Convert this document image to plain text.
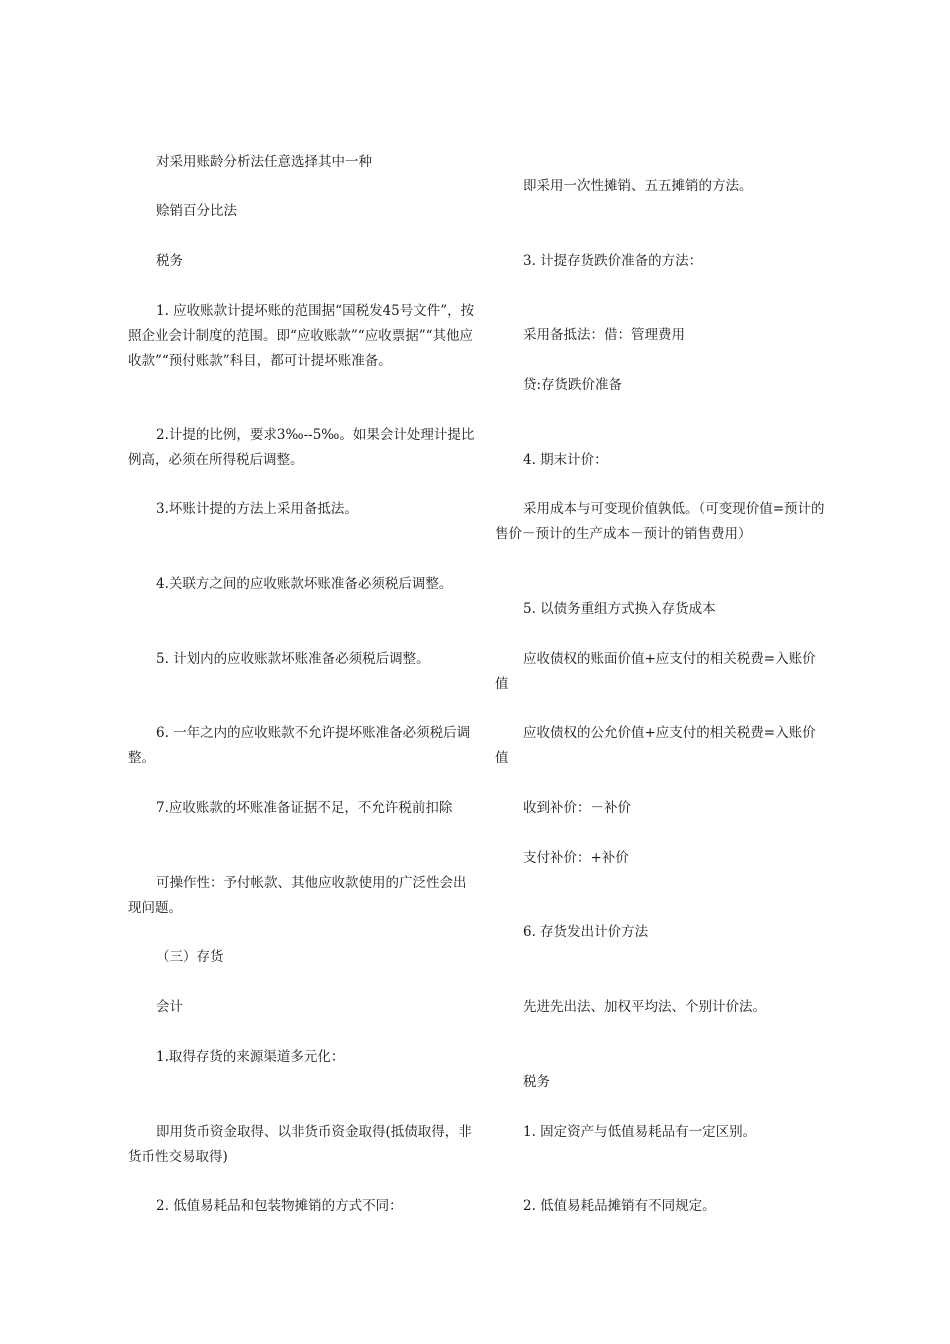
对采用账龄分析法任意选择其中一种

赊销百分比法

税务

1. 应收账款计提坏账的范围据“国税发45号文件”，按照企业会计制度的范围。即“应收账款”“应收票据”“其他应收款”“预付账款”科目，都可计提坏账准备。

2.计提的比例，要求3‰--5‰。如果会计处理计提比例高，必须在所得税后调整。

3.坏账计提的方法上采用备抵法。

4.关联方之间的应收账款坏账准备必须税后调整。

5. 计划内的应收账款坏账准备必须税后调整。

6. 一年之内的应收账款不允许提坏账准备必须税后调整。

7.应收账款的坏账准备证据不足，不允许税前扣除

可操作性：予付帐款、其他应收款使用的广泛性会出现问题。

（三）存货

会计

1.取得存货的来源渠道多元化：

即用货币资金取得、以非货币资金取得(抵债取得，非货币性交易取得)

2. 低值易耗品和包装物摊销的方式不同：

即采用一次性摊销、五五摊销的方法。

3. 计提存货跌价准备的方法：

采用备抵法：借：管理费用

贷:存货跌价准备

4. 期末计价：

采用成本与可变现价值孰低。（可变现价值=预计的售价－预计的生产成本－预计的销售费用）

5. 以债务重组方式换入存货成本

应收债权的账面价值+应支付的相关税费=入账价值

应收债权的公允价值+应支付的相关税费=入账价值

收到补价：－补价

支付补价：+补价

6. 存货发出计价方法

先进先出法、加权平均法、个别计价法。

税务

1. 固定资产与低值易耗品有一定区别。

2. 低值易耗品摊销有不同规定。
